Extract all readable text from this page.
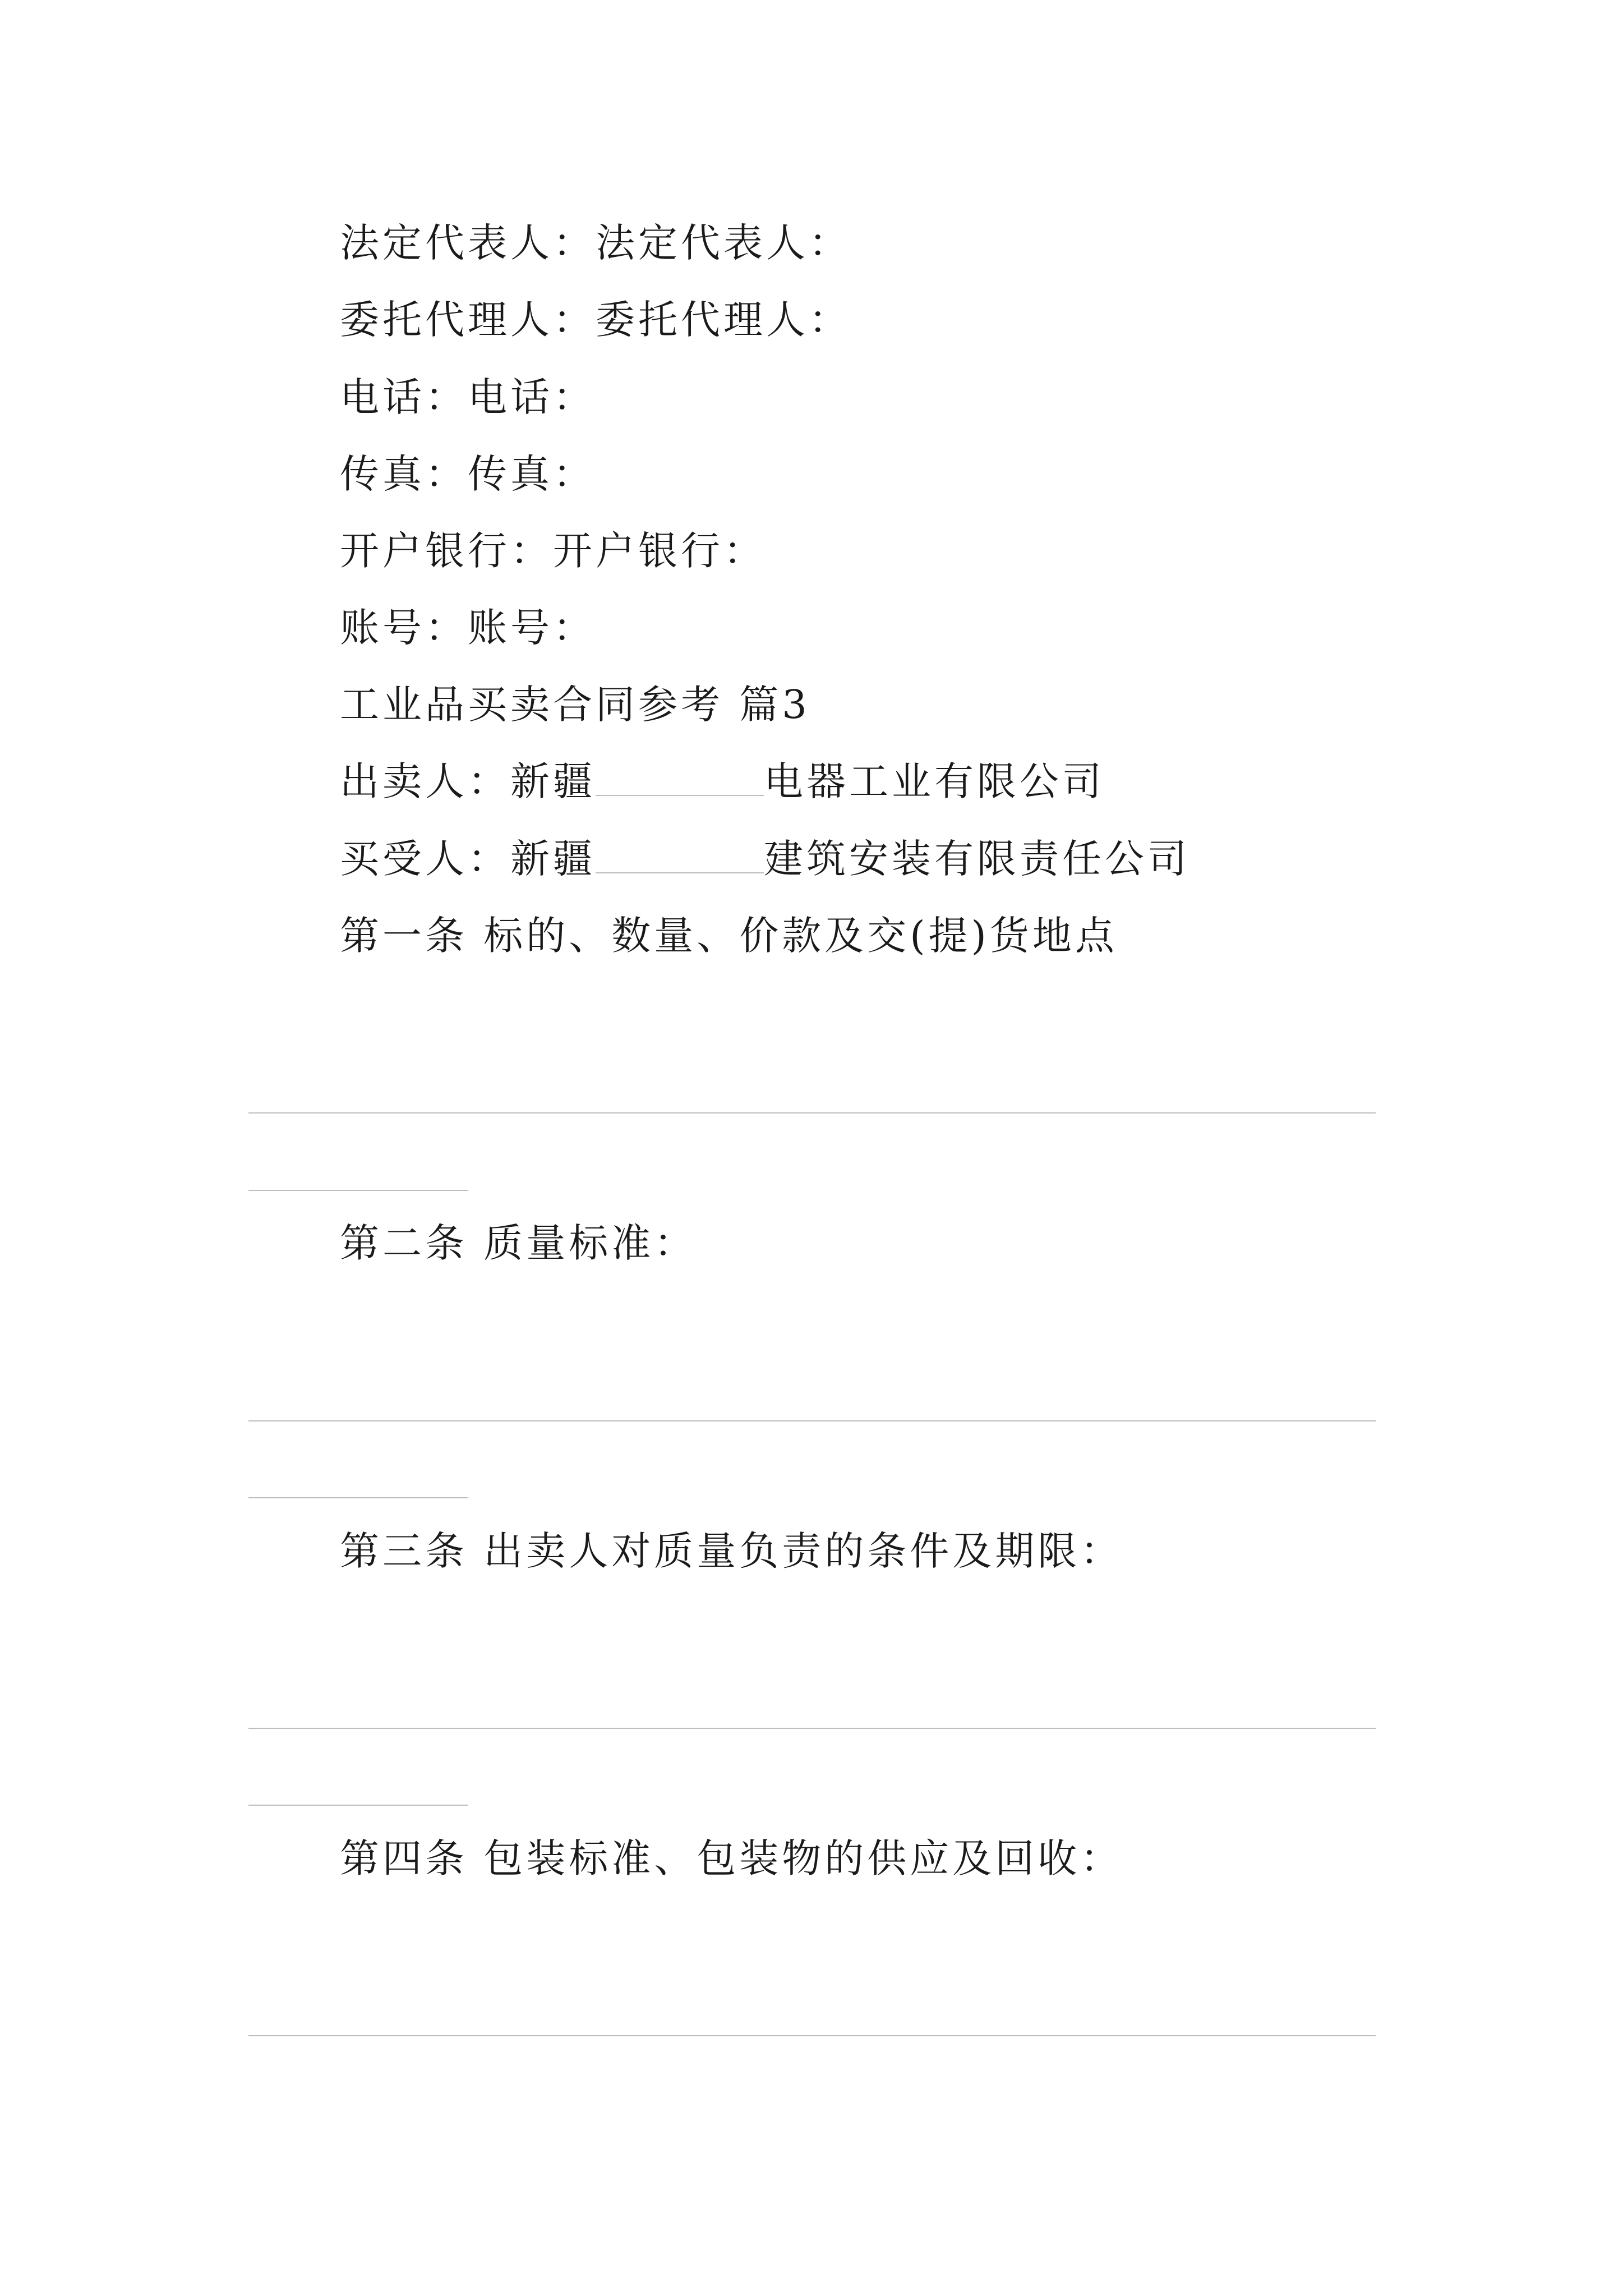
法定代表人：法定代表人：
委托代理人：委托代理人：
电话：电话：
传真：传真：
开户银行：开户银行：
账号：账号：
工业品买卖合同参考 篇3
出卖人：新疆	电器工业有限公司
买受人：新疆	建筑安装有限责任公司
第一条 标的、数量、价款及交(提)货地点
第二条 质量标准：
第三条 出卖人对质量负责的条件及期限：
第四条 包装标准、包装物的供应及回收：
